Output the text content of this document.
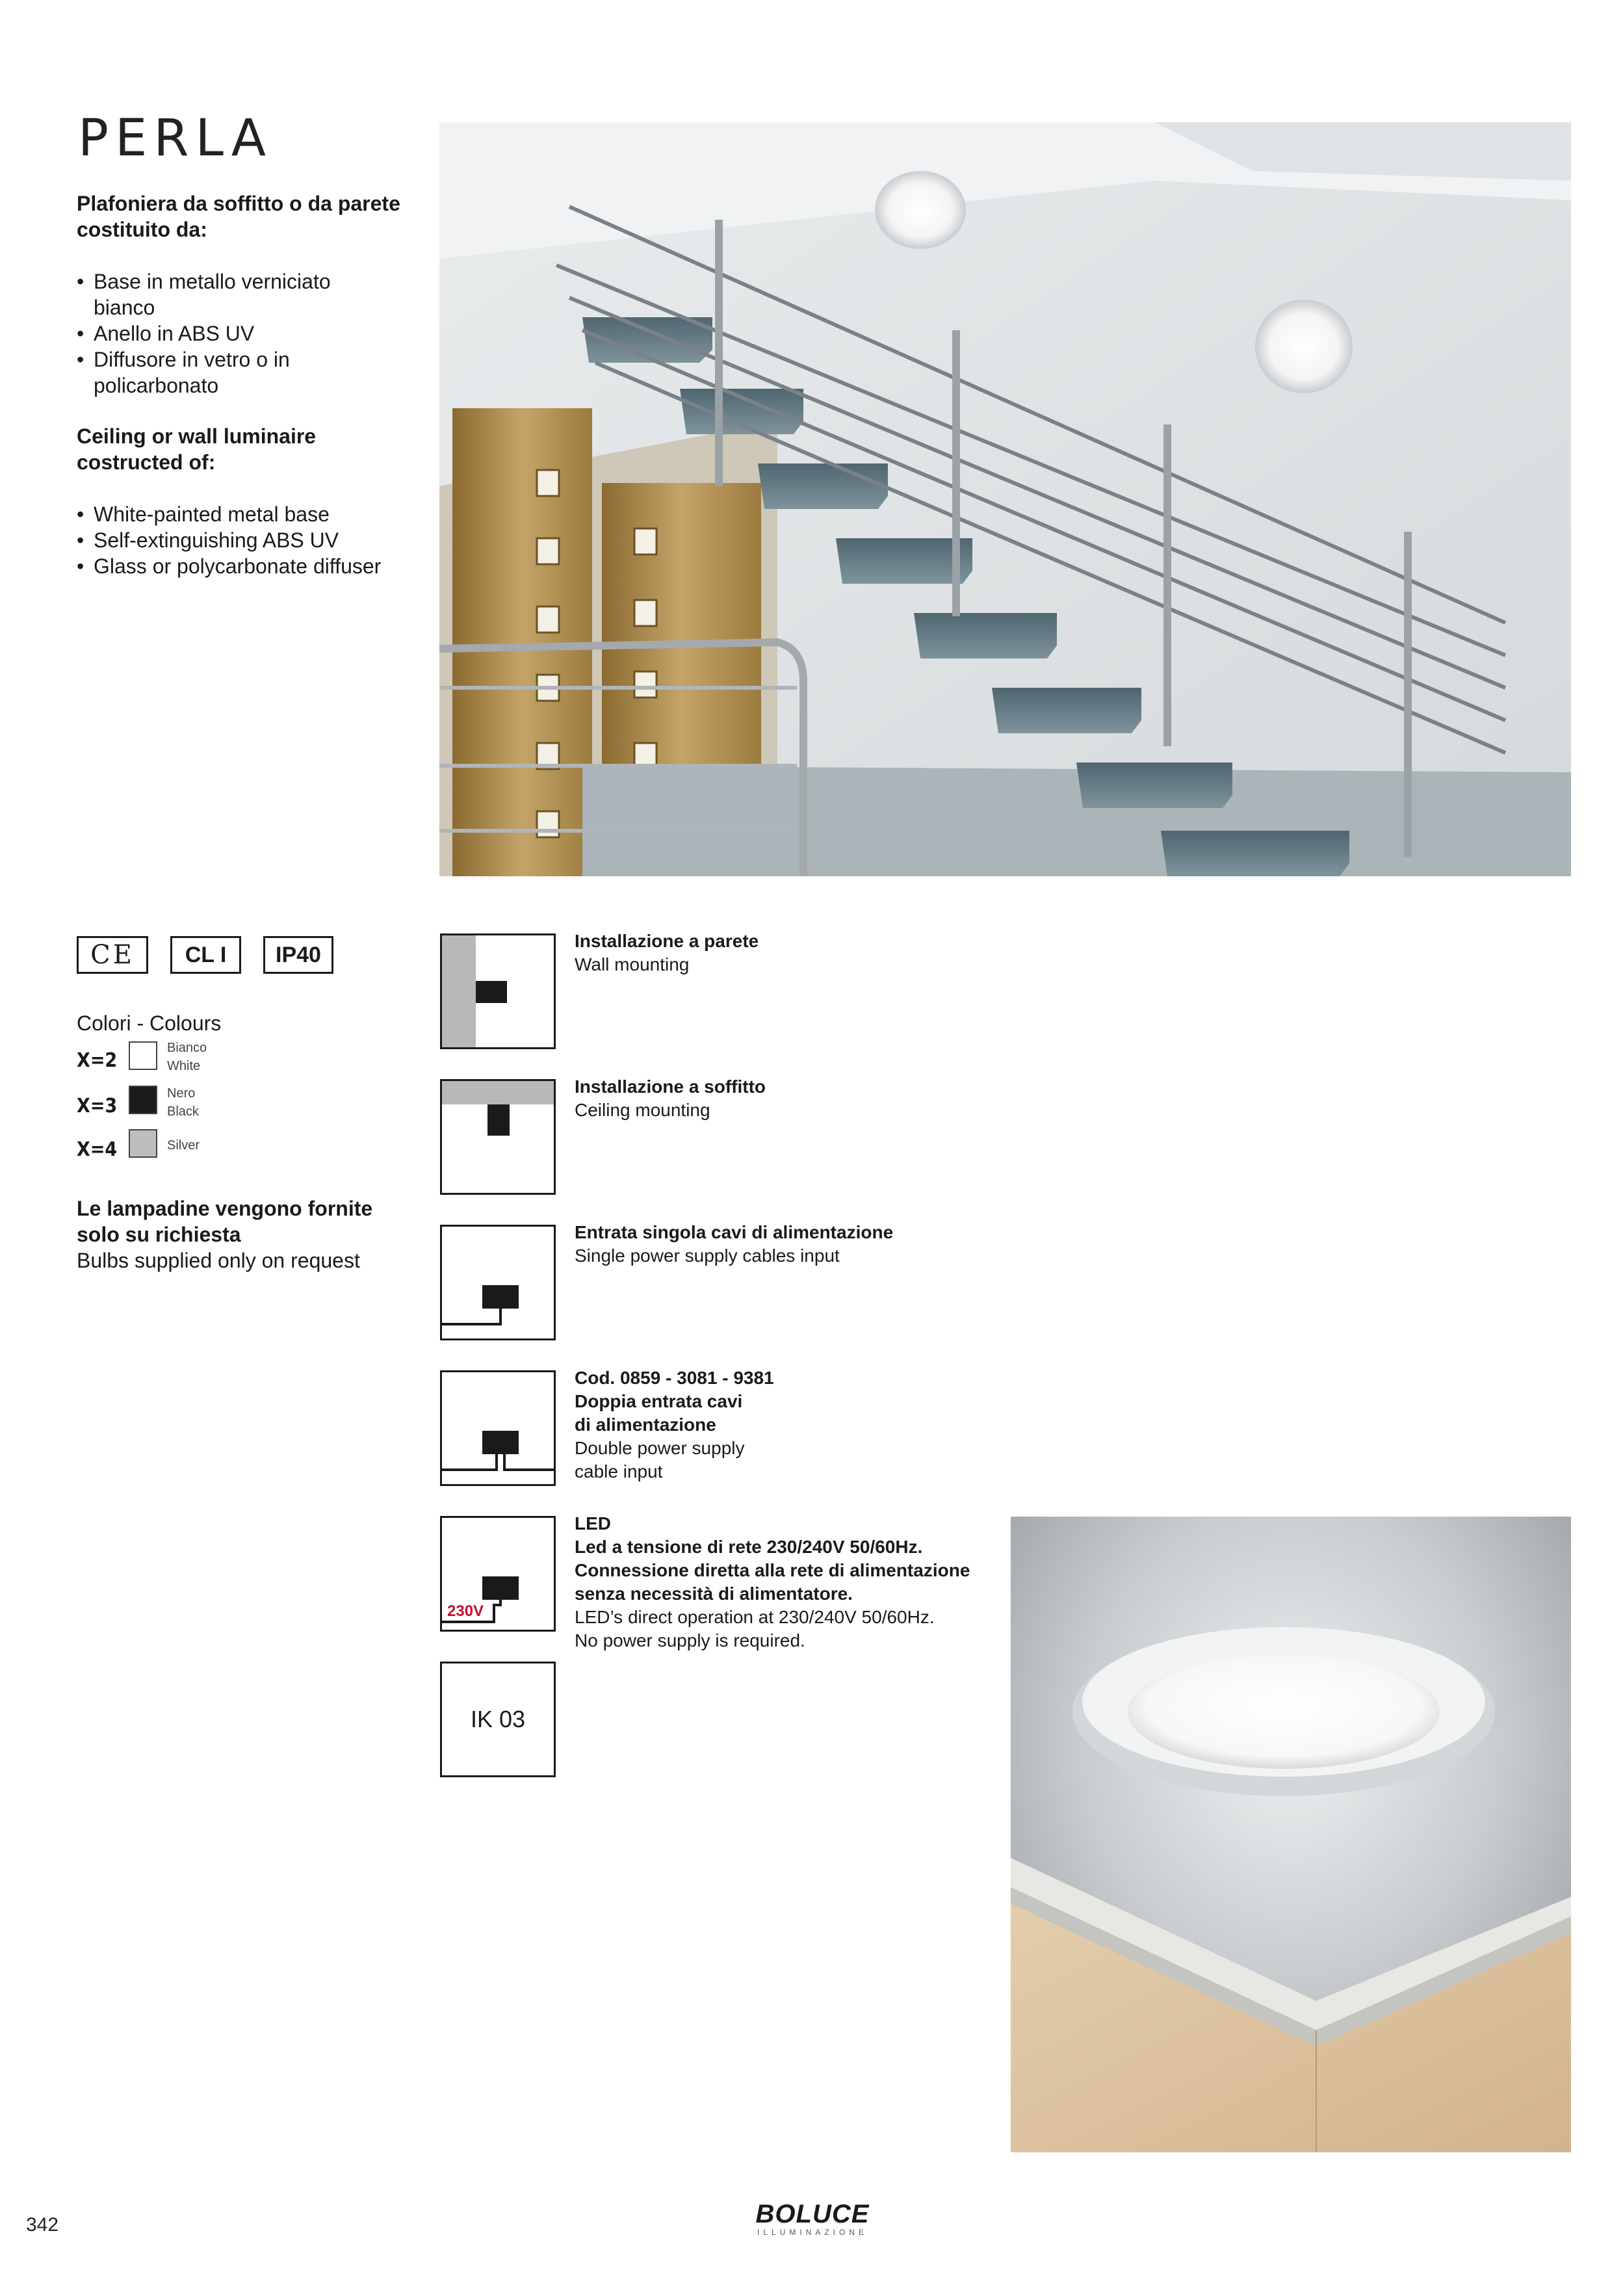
PERLA
Plafoniera da soffitto o da parete costituito da:
• Base in metallo verniciato bianco
• Anello in ABS UV
• Diffusore in vetro o in policarbonato
Ceiling or wall luminaire costructed of:
• White-painted metal base
• Self-extinguishing ABS UV
• Glass or polycarbonate diffuser
CE CL I IP40
Colori - Colours
X=2
Bianco
White
X=3
Nero
Black
X=4	Silver
Le lampadine vengono fornite solo su richiesta
Bulbs supplied only on request
Installazione a parete
Wall mounting
Installazione a soffitto
Ceiling mounting
Entrata singola cavi di alimentazione
Single power supply cables input
Cod. 0859 - 3081 - 9381
Doppia entrata cavi
di alimentazione
Double power supply
cable input
230V
LED
Led a tensione di rete 230/240V 50/60Hz.
Connessione diretta alla rete di alimentazione
senza necessità di alimentatore.
LED’s direct operation at 230/240V 50/60Hz.
No power supply is required.
IK 03
342	BOLUCE
ILLUMINAZIONE
